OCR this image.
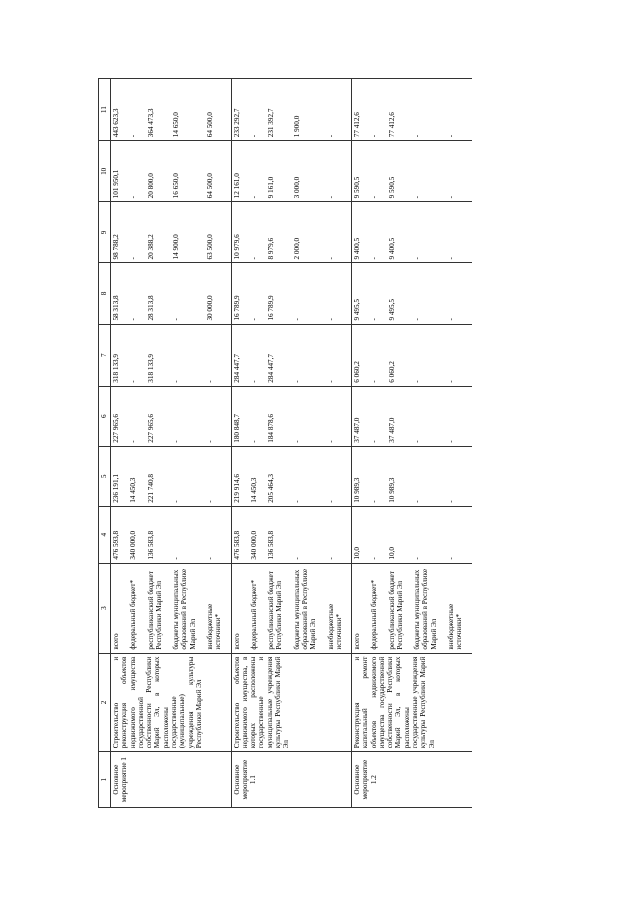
1	2	3	4	5	6	7	8	9	10	11
Основное мероприятие 1	Строительство и реконструкция объектов недвижимого имущества государственной собственности Республики Марий Эл, в которых расположены государственные (муниципальные) учреждения культуры Республики Марий Эл	всего	476 593,8	236 191,1	227 965,6	318 133,9	58 313,8	98 788,2	101 950,1	443 623,3
		федеральный бюджет*	340 000,0	14 450,3	-	-	-	-	-	-
		республиканский бюджет Республики Марий Эл	136 583,8	221 740,8	227 965,6	318 133,9	28 313,8	20 388,2	20 800,0	364 473,3
		бюджеты муниципальных образований в Республике Марий Эл	-	-	-	-	-	14 900,0	16 650,0	14 650,0
		внебюджетные источники*	-	-	-	-	30 000,0	63 500,0	64 500,0	64 500,0
Основное мероприятие 1.1	Строительство объектов недвижимого имущества, в которых расположены государственные и муниципальные учреждения культуры Республики Марий Эл	всего	476 583,8	219 914,6	180 848,7	284 447,7	16 789,9	10 979,6	12 161,0	233 292,7
		федеральный бюджет*	340 000,0	14 450,3	-	-	-	-	-	-
		республиканский бюджет Республики Марий Эл	136 583,8	205 464,3	184 878,6	284 447,7	16 789,9	8 979,6	9 161,0	231 392,7
		бюджеты муниципальных образований в Республике Марий Эл	-	-	-	-	-	2 000,0	3 000,0	1 900,0
		внебюджетные источники*	-	-	-	-	-	-	-	-
Основное мероприятие 1.2	Реконструкция и капитальный ремонт объектов недвижимого имущества государственной собственности Республики Марий Эл, в которых расположены государственные учреждения культуры Республики Марий Эл	всего	10,0	10 989,3	37 487,0	6 060,2	9 495,5	9 400,5	9 590,5	77 412,6
		федеральный бюджет*	-	-	-	-	-	-	-	-
		республиканский бюджет Республики Марий Эл	10,0	10 989,3	37 487,0	6 060,2	9 495,5	9 400,5	9 590,5	77 412,6
		бюджеты муниципальных образований в Республике Марий Эл	-	-	-	-	-	-	-	-
		внебюджетные источники*	-	-	-	-	-	-	-	-
